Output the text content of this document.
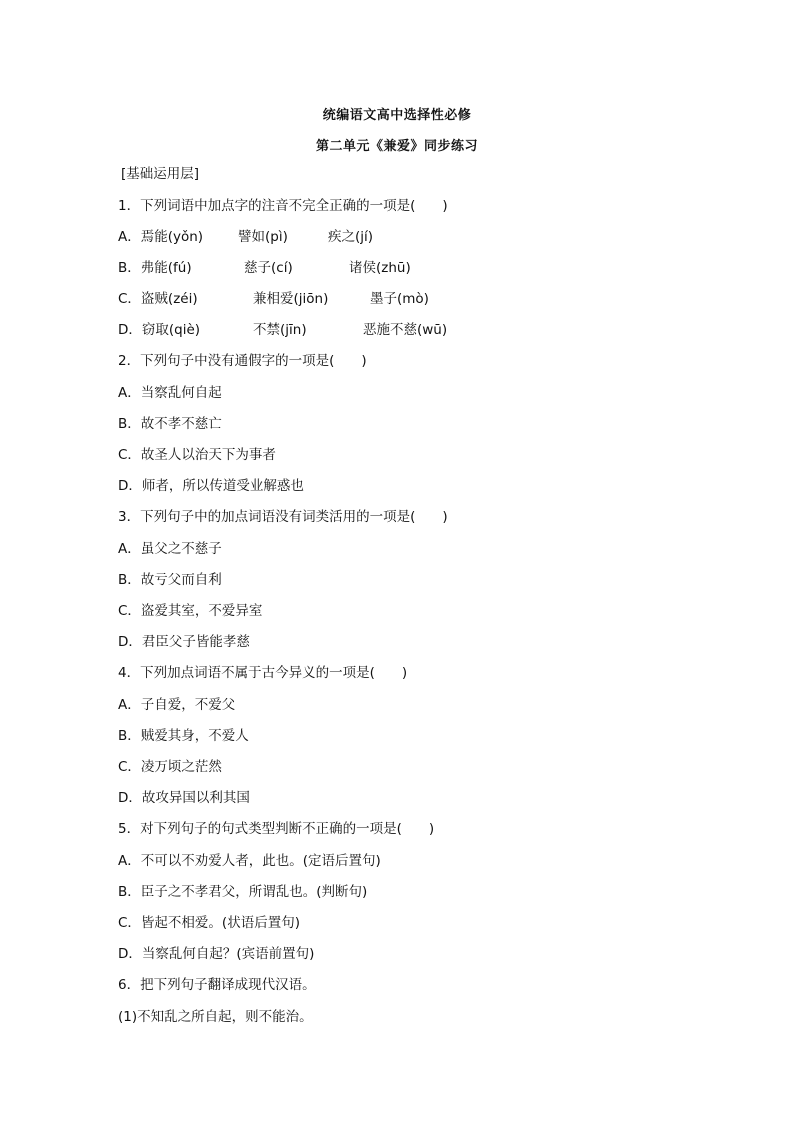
统编语文高中选择性必修
第二单元《兼爱》同步练习
[基础运用层]
1．下列词语中加点字的注音不完全正确的一项是(　　)
A．焉能(yǒn)	譬如(pì)	疾之(jí)
B．弗能(fú)	慈子(cí)	诸侯(zhū)
C．盗贼(zéi)	兼相爱(jiōn)	墨子(mò)
D．窃取(qiè)	不禁(jīn)	恶施不慈(wū)
2．下列句子中没有通假字的一项是(　　)
A．当察乱何自起
B．故不孝不慈亡
C．故圣人以治天下为事者
D．师者，所以传道受业解惑也
3．下列句子中的加点词语没有词类活用的一项是(　　)
A．虽父之不慈子
B．故亏父而自利
C．盗爱其室，不爱异室
D．君臣父子皆能孝慈
4．下列加点词语不属于古今异义的一项是(　　)
A．子自爱，不爱父
B．贼爱其身，不爱人
C．凌万顷之茫然
D．故攻异国以利其国
5．对下列句子的句式类型判断不正确的一项是(　　)
A．不可以不劝爱人者，此也。(定语后置句)
B．臣子之不孝君父，所谓乱也。(判断句)
C．皆起不相爱。(状语后置句)
D．当察乱何自起？(宾语前置句)
6．把下列句子翻译成现代汉语。
(1)不知乱之所自起，则不能治。
